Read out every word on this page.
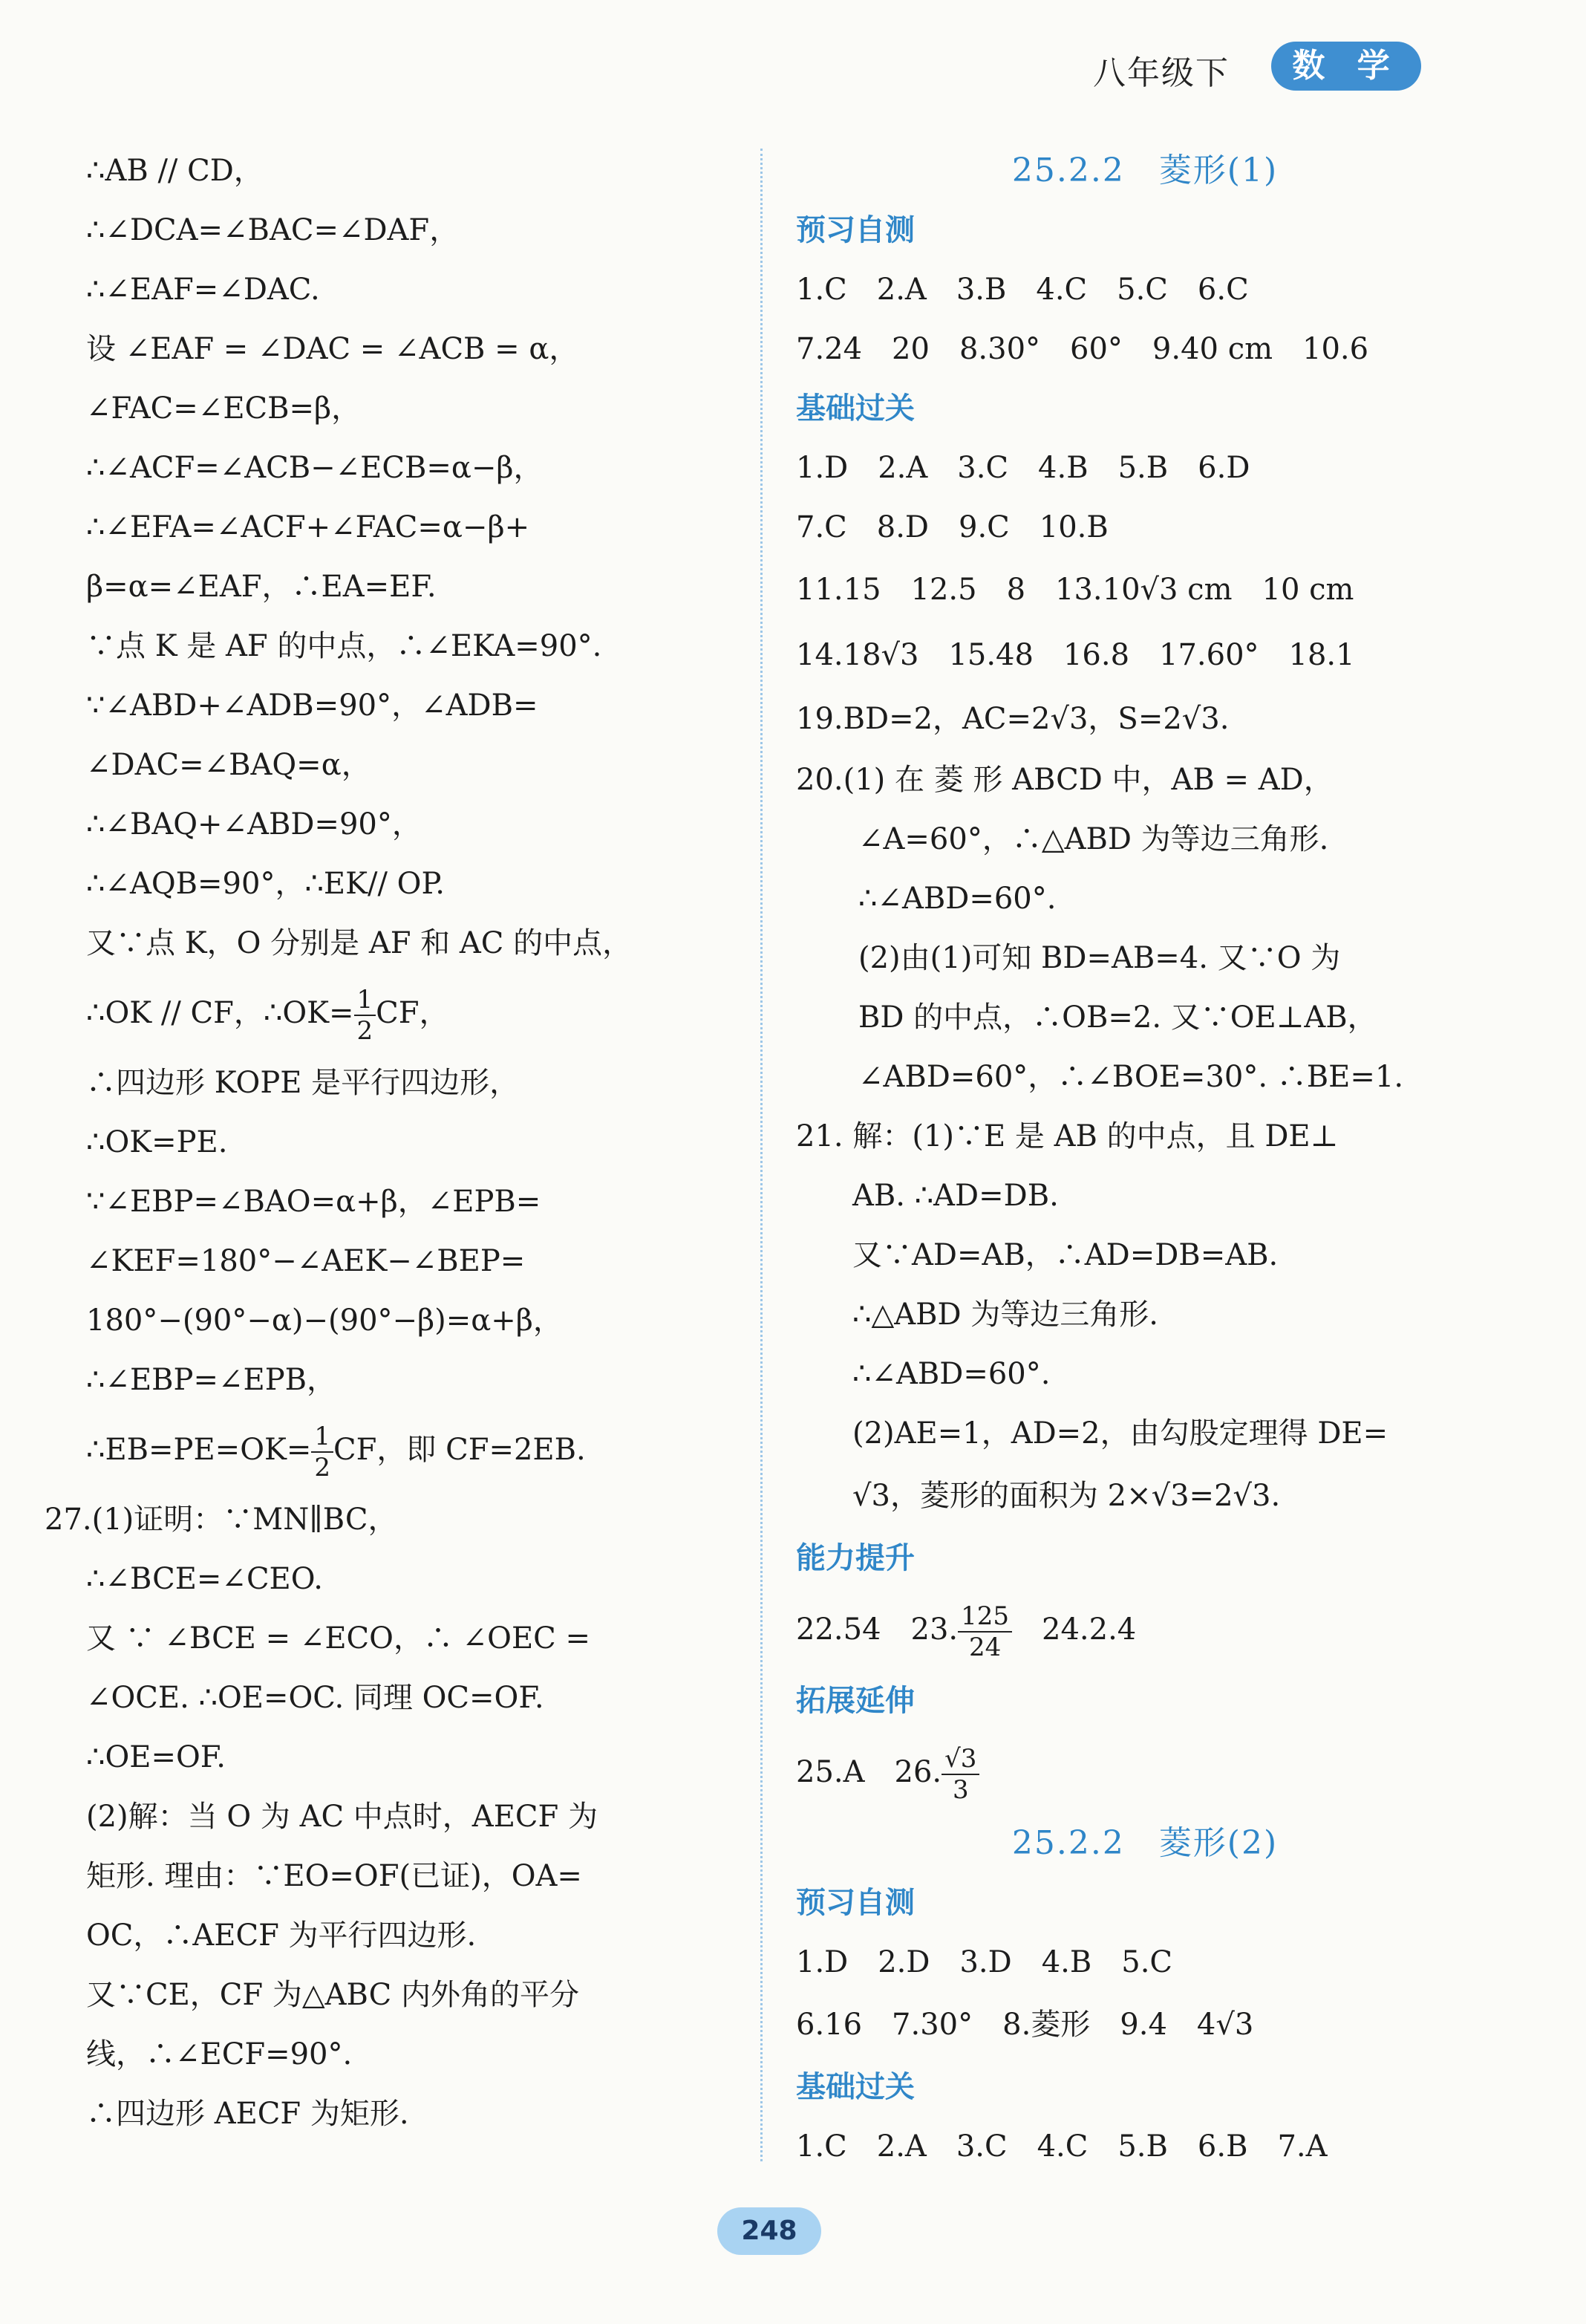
八年级下	数 学
∴AB // CD，
∴∠DCA=∠BAC=∠DAF，
∴∠EAF=∠DAC.
设 ∠EAF = ∠DAC = ∠ACB = α，
∠FAC=∠ECB=β，
∴∠ACF=∠ACB−∠ECB=α−β，
∴∠EFA=∠ACF+∠FAC=α−β+
β=α=∠EAF，∴EA=EF.
∵点 K 是 AF 的中点，∴∠EKA=90°.
∵∠ABD+∠ADB=90°，∠ADB=
∠DAC=∠BAQ=α，
∴∠BAQ+∠ABD=90°，
∴∠AQB=90°，∴EK// OP.
又∵点 K，O 分别是 AF 和 AC 的中点，
∴OK // CF，∴OK= $\frac{1}{2}$ CF，
∴四边形 KOPE 是平行四边形，
∴OK=PE.
∵∠EBP=∠BAO=α+β，∠EPB=
∠KEF=180°−∠AEK−∠BEP=
180°−(90°−α)−(90°−β)=α+β，
∴∠EBP=∠EPB，
∴EB=PE=OK= $\frac{1}{2}$ CF，即 CF=2EB.
27.(1)证明：∵MN∥BC，
∴∠BCE=∠CEO.
又 ∵ ∠BCE = ∠ECO，∴ ∠OEC =
∠OCE. ∴OE=OC. 同理 OC=OF.
∴OE=OF.
(2)解：当 O 为 AC 中点时，AECF 为
矩形. 理由：∵EO=OF(已证)，OA=
OC，∴AECF 为平行四边形.
又∵CE，CF 为△ABC 内外角的平分
线，∴∠ECF=90°.
∴四边形 AECF 为矩形.
25.2.2　菱形(1)
预习自测
1.C　2.A　3.B　4.C　5.C　6.C
7.24　20　8.30°　60°　9.40 cm　10.6
基础过关
1.D　2.A　3.C　4.B　5.B　6.D
7.C　8.D　9.C　10.B
11.15　12.5　8　13.10√3 cm　10 cm
14.18√3　15.48　16.8　17.60°　18.1
19.BD=2，AC=2√3，S=2√3.
20.(1) 在 菱 形 ABCD 中，AB = AD，
∠A=60°，∴△ABD 为等边三角形.
∴∠ABD=60°.
(2)由(1)可知 BD=AB=4. 又∵O 为
BD 的中点，∴OB=2. 又∵OE⊥AB，
∠ABD=60°，∴∠BOE=30°. ∴BE=1.
21. 解：(1)∵E 是 AB 的中点，且 DE⊥
AB. ∴AD=DB.
又∵AD=AB，∴AD=DB=AB.
∴△ABD 为等边三角形.
∴∠ABD=60°.
(2)AE=1，AD=2，由勾股定理得 DE=
√3，菱形的面积为 2×√3=2√3.
能力提升
22.54　23. $\frac{125}{24}$ 　24.2.4
拓展延伸
25.A　26. $\frac{√3}{3}$
25.2.2　菱形(2)
预习自测
1.D　2.D　3.D　4.B　5.C
6.16　7.30°　8.菱形　9.4　4√3
基础过关
1.C　2.A　3.C　4.C　5.B　6.B　7.A
248
